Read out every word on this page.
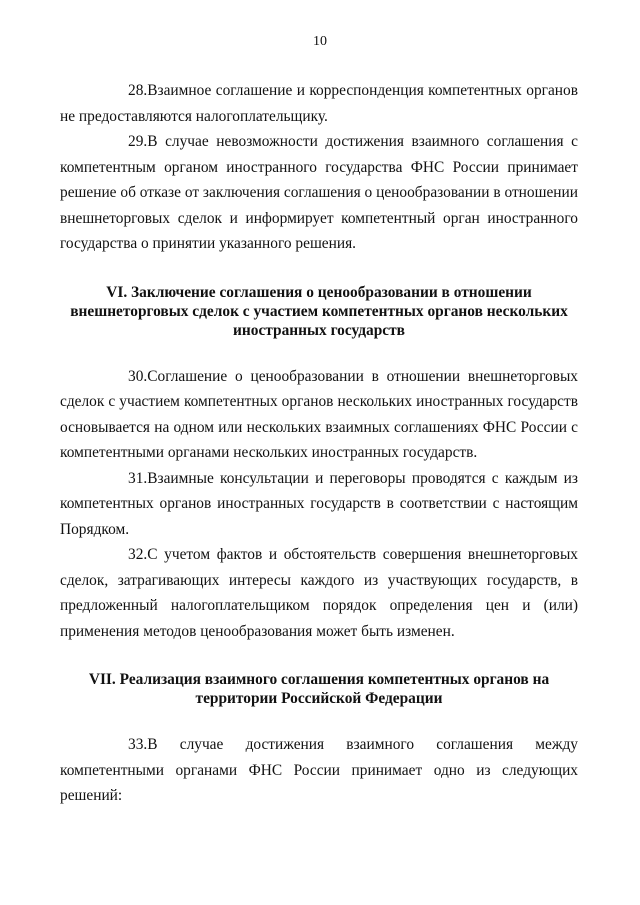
10

28.Взаимное соглашение и корреспонденция компетентных органов не предоставляются налогоплательщику.

29.В случае невозможности достижения взаимного соглашения с компетентным органом иностранного государства ФНС России принимает решение об отказе от заключения соглашения о ценообразовании в отношении внешнеторговых сделок и информирует компетентный орган иностранного государства о принятии указанного решения.

VI. Заключение соглашения о ценообразовании в отношении

внешнеторговых сделок с участием компетентных органов нескольких

иностранных государств

30.Соглашение о ценообразовании в отношении внешнеторговых сделок с участием компетентных органов нескольких иностранных государств основывается на одном или нескольких взаимных соглашениях ФНС России с компетентными органами нескольких иностранных государств.

31.Взаимные консультации и переговоры проводятся с каждым из компетентных органов иностранных государств в соответствии с настоящим Порядком.

32.С учетом фактов и обстоятельств совершения внешнеторговых сделок, затрагивающих интересы каждого из участвующих государств, в предложенный налогоплательщиком порядок определения цен и (или) применения методов ценообразования может быть изменен.

VII. Реализация взаимного соглашения компетентных органов на

территории Российской Федерации

33.В случае достижения взаимного соглашения между компетентными органами ФНС России принимает одно из следующих решений:
